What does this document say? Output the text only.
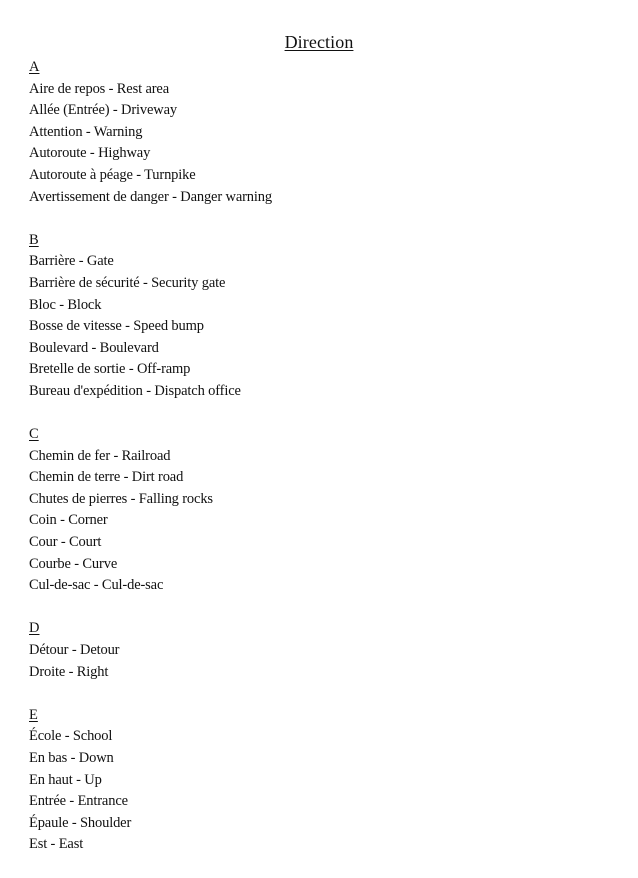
Direction
A
Aire de repos - Rest area
Allée (Entrée) - Driveway
Attention - Warning
Autoroute - Highway
Autoroute à péage - Turnpike
Avertissement de danger - Danger warning
B
Barrière - Gate
Barrière de sécurité - Security gate
Bloc - Block
Bosse de vitesse - Speed bump
Boulevard - Boulevard
Bretelle de sortie - Off-ramp
Bureau d'expédition - Dispatch office
C
Chemin de fer - Railroad
Chemin de terre - Dirt road
Chutes de pierres - Falling rocks
Coin - Corner
Cour - Court
Courbe - Curve
Cul-de-sac - Cul-de-sac
D
Détour - Detour
Droite - Right
E
École - School
En bas - Down
En haut - Up
Entrée - Entrance
Épaule - Shoulder
Est - East
